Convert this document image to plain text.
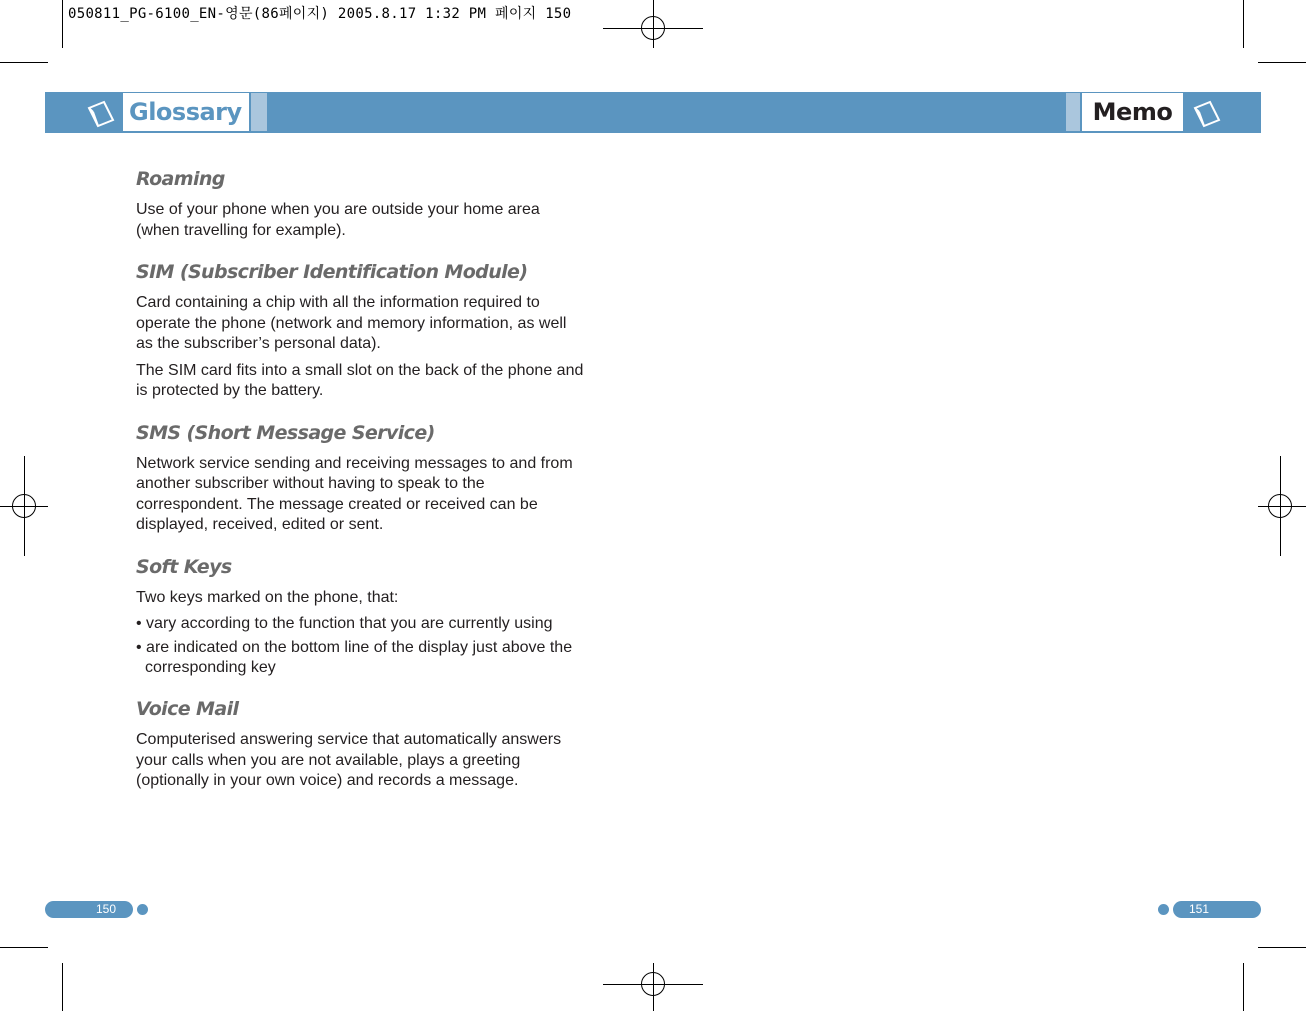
050811_PG-6100_EN-영문(86페이지) 2005.8.17 1:32 PM 페이지 150
Glossary	Memo
Roaming

Use of your phone when you are outside your home area (when travelling for example).

SIM (Subscriber Identification Module)

Card containing a chip with all the information required to operate the phone (network and memory information, as well as the subscriber’s personal data).

The SIM card fits into a small slot on the back of the phone and is protected by the battery.

SMS (Short Message Service)

Network service sending and receiving messages to and from another subscriber without having to speak to the correspondent. The message created or received can be displayed, received, edited or sent.

Soft Keys

Two keys marked on the phone, that:

• vary according to the function that you are currently using

• are indicated on the bottom line of the display just above the corresponding key

Voice Mail

Computerised answering service that automatically answers your calls when you are not available, plays a greeting (optionally in your own voice) and records a message.

150	151
